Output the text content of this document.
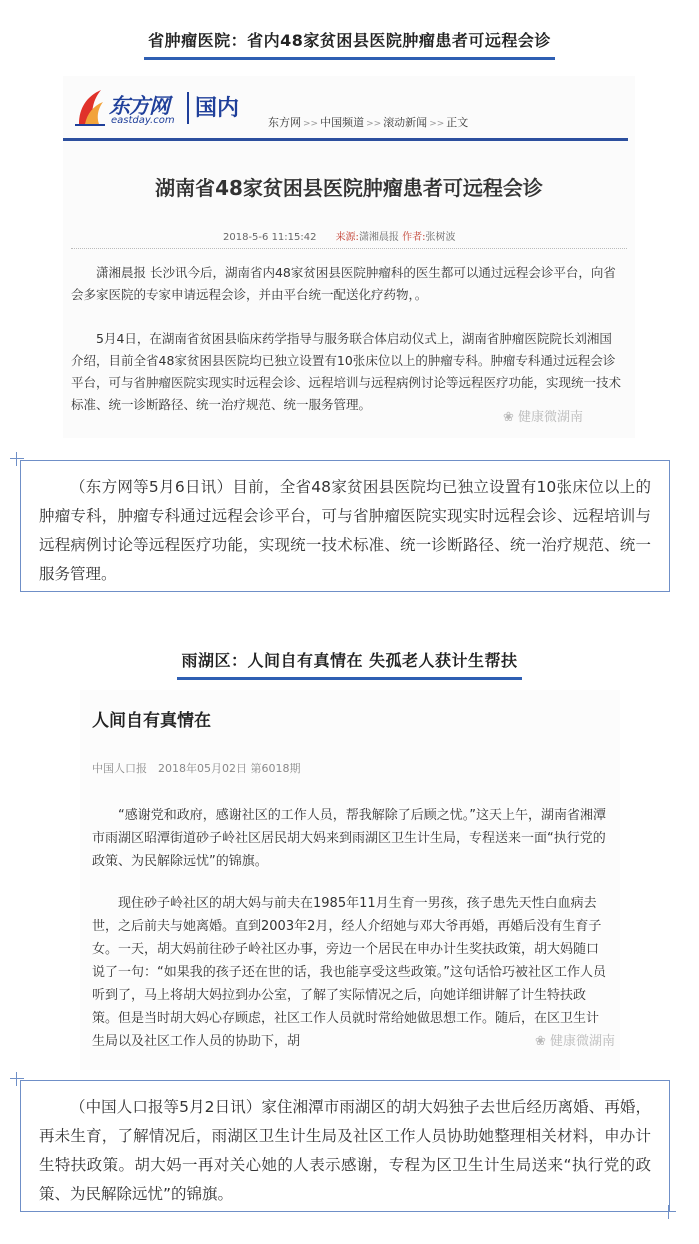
省肿瘤医院：省内48家贫困县医院肿瘤患者可远程会诊
东方网
eastday.com 国内
东方网 >> 中国频道 >> 滚动新闻 >> 正文
湖南省48家贫困县医院肿瘤患者可远程会诊
2018-5-6 11:15:42 来源:潇湘晨报 作者:张树波
潇湘晨报 长沙讯今后，湖南省内48家贫困县医院肿瘤科的医生都可以通过远程会诊平台，向省会多家医院的专家申请远程会诊，并由平台统一配送化疗药物，。
5月4日，在湖南省贫困县临床药学指导与服务联合体启动仪式上，湖南省肿瘤医院院长刘湘国介绍，目前全省48家贫困县医院均已独立设置有10张床位以上的肿瘤专科。肿瘤专科通过远程会诊平台，可与省肿瘤医院实现实时远程会诊、远程培训与远程病例讨论等远程医疗功能，实现统一技术标准、统一诊断路径、统一治疗规范、统一服务管理。
❀ 健康微湖南
（东方网等5月6日讯）目前，全省48家贫困县医院均已独立设置有10张床位以上的肿瘤专科，肿瘤专科通过远程会诊平台，可与省肿瘤医院实现实时远程会诊、远程培训与远程病例讨论等远程医疗功能，实现统一技术标准、统一诊断路径、统一治疗规范、统一服务管理。
雨湖区：人间自有真情在 失孤老人获计生帮扶
人间自有真情在
中国人口报　2018年05月02日 第6018期
“感谢党和政府，感谢社区的工作人员，帮我解除了后顾之忧。”这天上午，湖南省湘潭市雨湖区昭潭街道砂子岭社区居民胡大妈来到雨湖区卫生计生局，专程送来一面“执行党的政策、为民解除远忧”的锦旗。
现住砂子岭社区的胡大妈与前夫在1985年11月生育一男孩，孩子患先天性白血病去世，之后前夫与她离婚。直到2003年2月，经人介绍她与邓大爷再婚，再婚后没有生育子女。一天，胡大妈前往砂子岭社区办事，旁边一个居民在申办计生奖扶政策，胡大妈随口说了一句：“如果我的孩子还在世的话，我也能享受这些政策。”这句话恰巧被社区工作人员听到了，马上将胡大妈拉到办公室，了解了实际情况之后，向她详细讲解了计生特扶政策。但是当时胡大妈心存顾虑，社区工作人员就时常给她做思想工作。随后，在区卫生计生局以及社区工作人员的协助下，胡	❀ 健康微湖南
（中国人口报等5月2日讯）家住湘潭市雨湖区的胡大妈独子去世后经历离婚、再婚，再未生育，了解情况后，雨湖区卫生计生局及社区工作人员协助她整理相关材料，申办计生特扶政策。胡大妈一再对关心她的人表示感谢，专程为区卫生计生局送来“执行党的政策、为民解除远忧”的锦旗。
